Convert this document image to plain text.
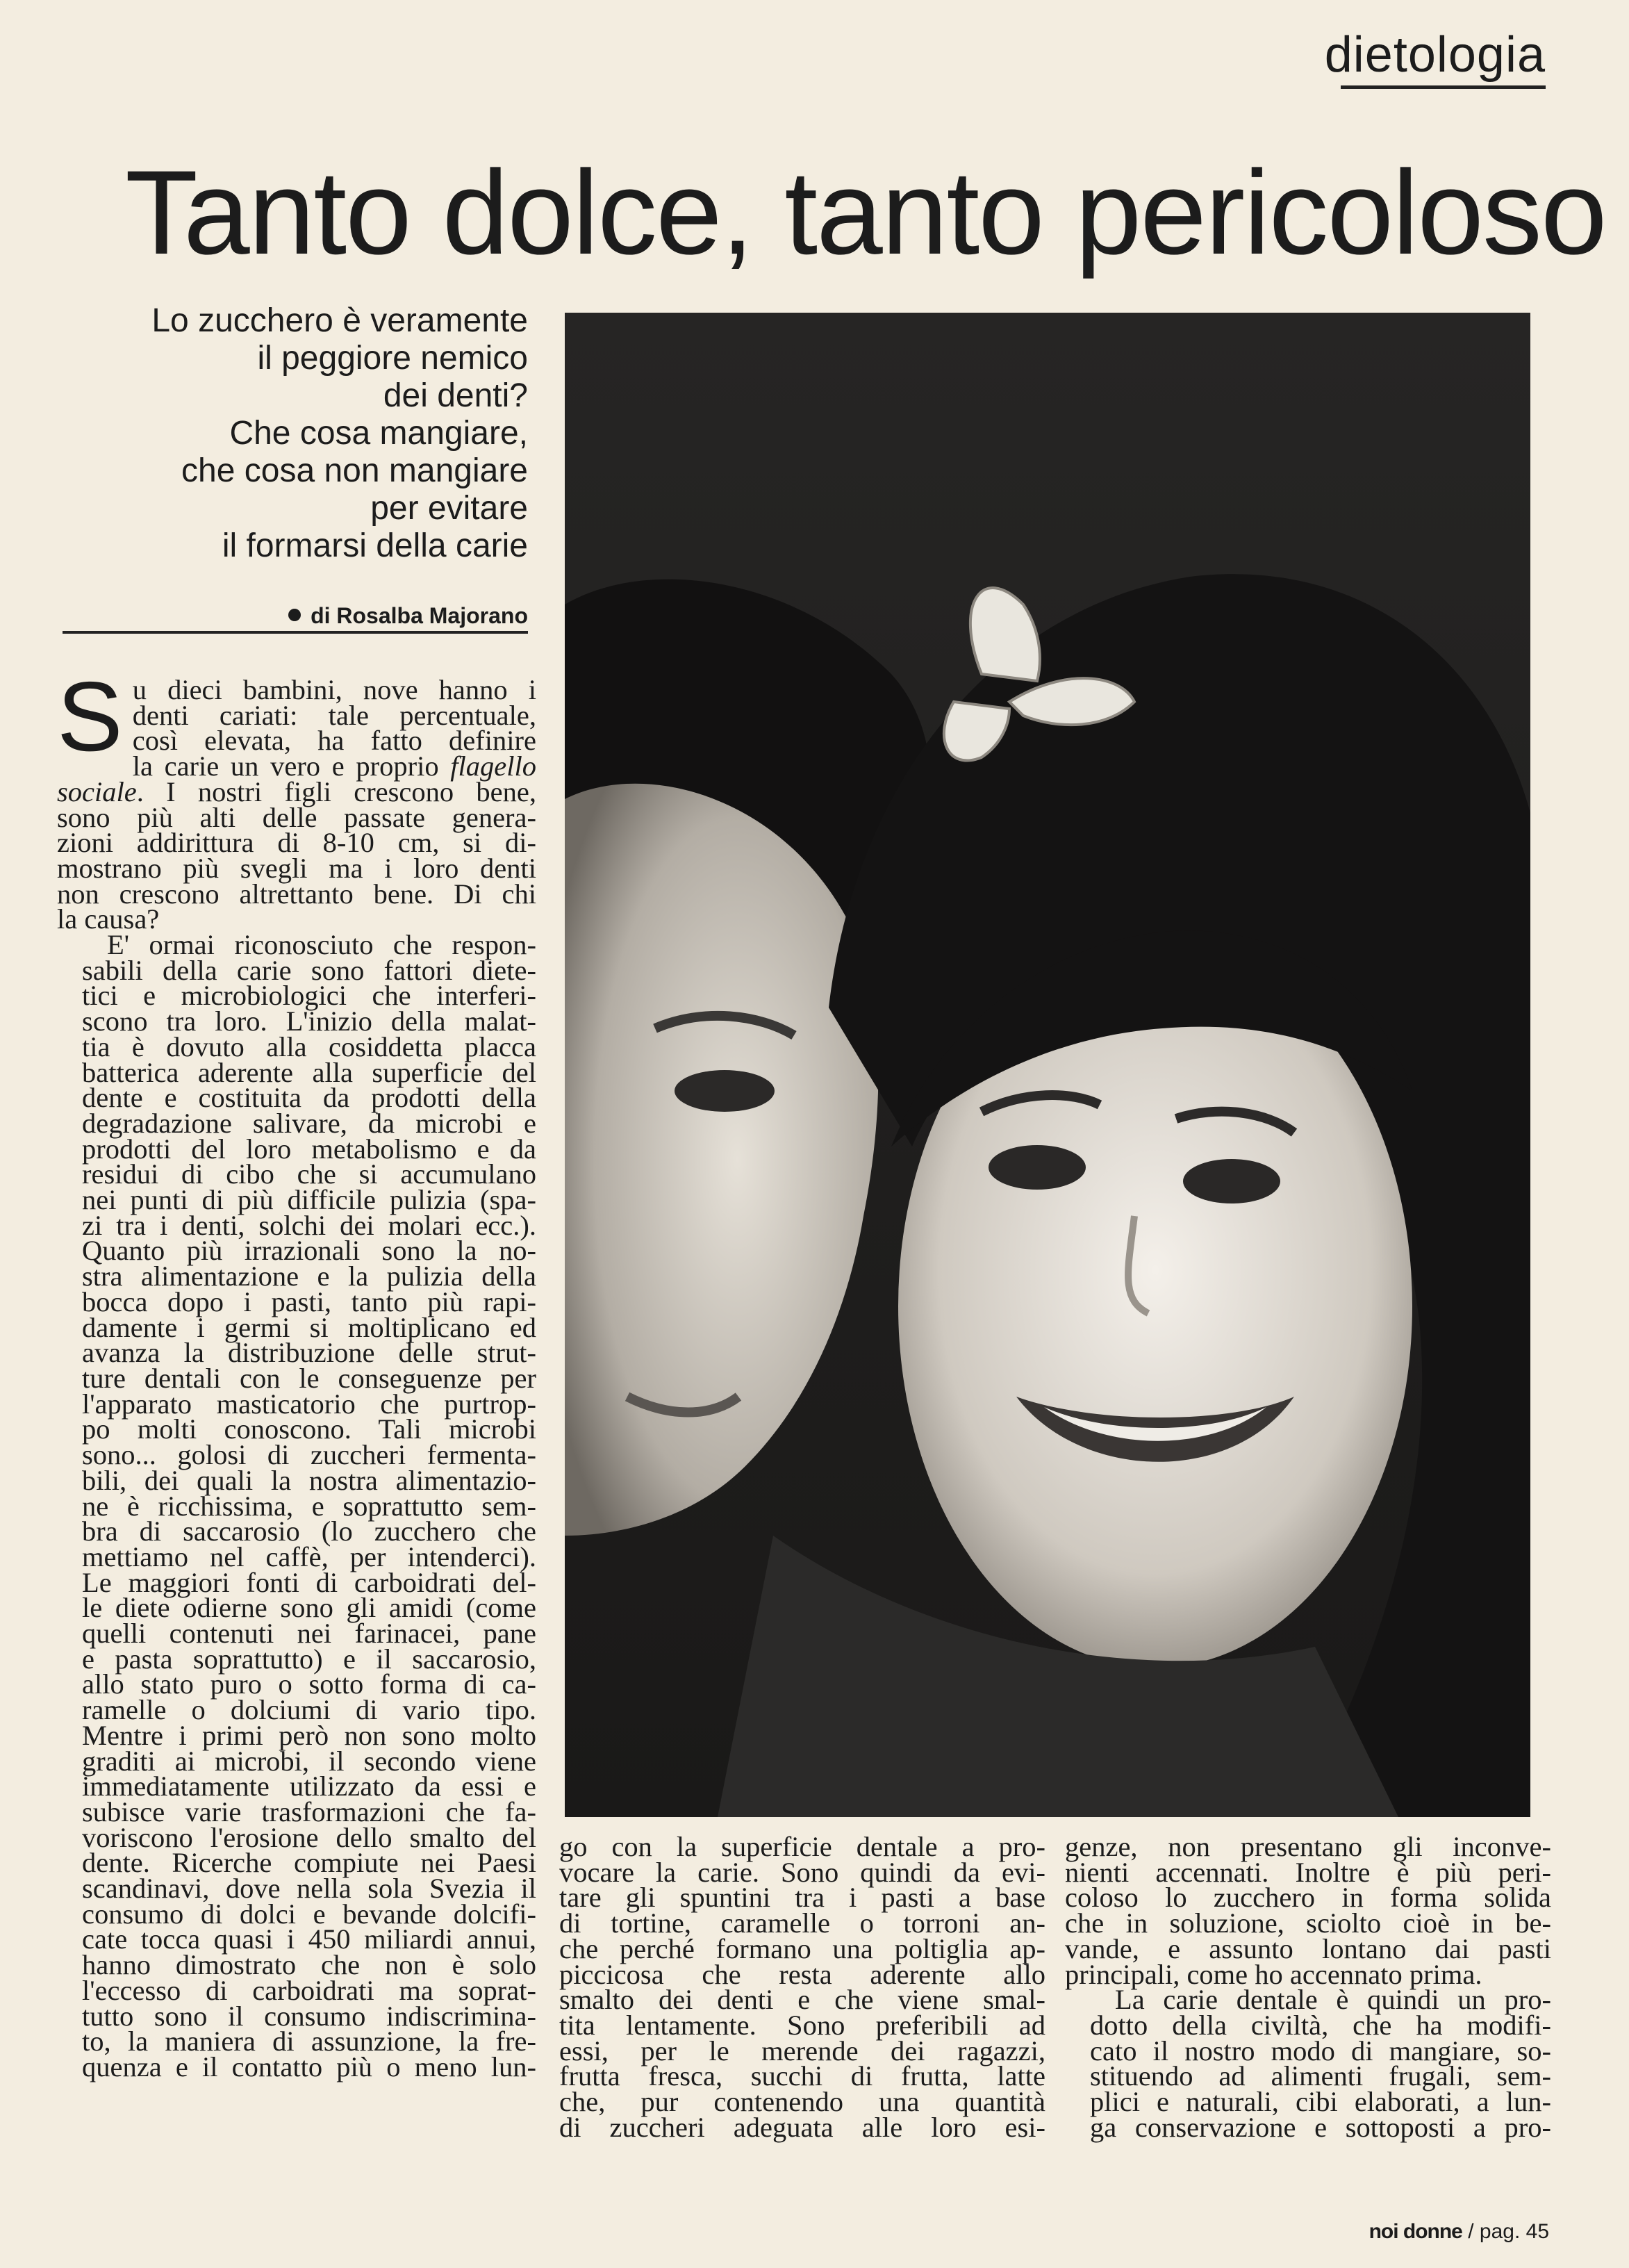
dietologia
Tanto dolce, tanto pericoloso
Lo zucchero è veramente
il peggiore nemico
dei denti?
Che cosa mangiare,
che cosa non mangiare
per evitare
il formarsi della carie
di Rosalba Majorano
S u dieci bambini, nove hanno i
denti cariati: tale percentuale,
così elevata, ha fatto definire
la carie un vero e proprio flagello
sociale. I nostri figli crescono bene,
sono più alti delle passate genera-
zioni addirittura di 8-10 cm, si di-
mostrano più svegli ma i loro denti
non crescono altrettanto bene. Di chi
la causa?
E' ormai riconosciuto che respon-
sabili della carie sono fattori diete-
tici e microbiologici che interferi-
scono tra loro. L'inizio della malat-
tia è dovuto alla cosiddetta placca
batterica aderente alla superficie del
dente e costituita da prodotti della
degradazione salivare, da microbi e
prodotti del loro metabolismo e da
residui di cibo che si accumulano
nei punti di più difficile pulizia (spa-
zi tra i denti, solchi dei molari ecc.).
Quanto più irrazionali sono la no-
stra alimentazione e la pulizia della
bocca dopo i pasti, tanto più rapi-
damente i germi si moltiplicano ed
avanza la distribuzione delle strut-
ture dentali con le conseguenze per
l'apparato masticatorio che purtrop-
po molti conoscono. Tali microbi
sono... golosi di zuccheri fermenta-
bili, dei quali la nostra alimentazio-
ne è ricchissima, e soprattutto sem-
bra di saccarosio (lo zucchero che
mettiamo nel caffè, per intenderci).
Le maggiori fonti di carboidrati del-
le diete odierne sono gli amidi (come
quelli contenuti nei farinacei, pane
e pasta soprattutto) e il saccarosio,
allo stato puro o sotto forma di ca-
ramelle o dolciumi di vario tipo.
Mentre i primi però non sono molto
graditi ai microbi, il secondo viene
immediatamente utilizzato da essi e
subisce varie trasformazioni che fa-
voriscono l'erosione dello smalto del
dente. Ricerche compiute nei Paesi
scandinavi, dove nella sola Svezia il
consumo di dolci e bevande dolcifi-
cate tocca quasi i 450 miliardi annui,
hanno dimostrato che non è solo
l'eccesso di carboidrati ma soprat-
tutto sono il consumo indiscrimina-
to, la maniera di assunzione, la fre-
quenza e il contatto più o meno lun-
go con la superficie dentale a pro-
vocare la carie. Sono quindi da evi-
tare gli spuntini tra i pasti a base
di tortine, caramelle o torroni an-
che perché formano una poltiglia ap-
piccicosa che resta aderente allo
smalto dei denti e che viene smal-
tita lentamente. Sono preferibili ad
essi, per le merende dei ragazzi,
frutta fresca, succhi di frutta, latte
che, pur contenendo una quantità
di zuccheri adeguata alle loro esi-
genze, non presentano gli inconve-
nienti accennati. Inoltre è più peri-
coloso lo zucchero in forma solida
che in soluzione, sciolto cioè in be-
vande, e assunto lontano dai pasti
principali, come ho accennato prima.
La carie dentale è quindi un pro-
dotto della civiltà, che ha modifi-
cato il nostro modo di mangiare, so-
stituendo ad alimenti frugali, sem-
plici e naturali, cibi elaborati, a lun-
ga conservazione e sottoposti a pro-
noi donne / pag. 45
